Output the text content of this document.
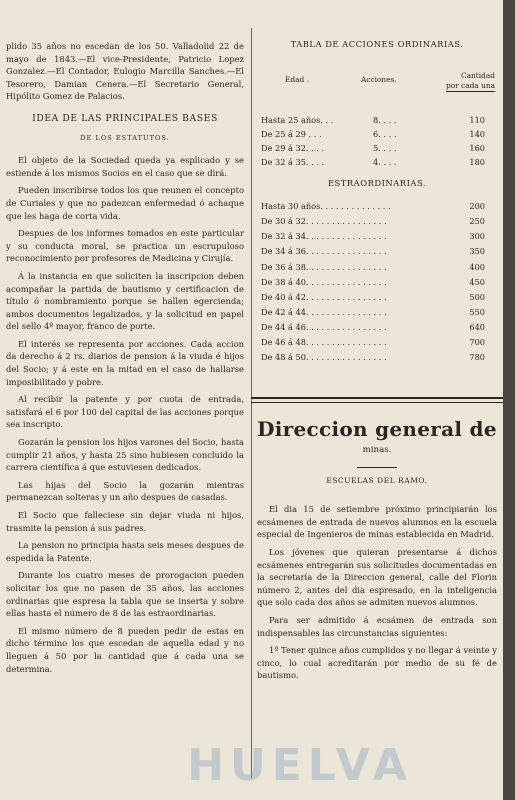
plido 35 años no escedan de los 50. Valladolid 22 de mayo de 1843.—El vice-Presidente, Patricio Lopez Gonzalez.—El Contador, Eulogio Marcilla Sanches.—El Tesorero, Damian Cenera.—El Secretario General, Hipólito Gomez de Palacios.

IDEA DE LAS PRINCIPALES BASES

DE LOS ESTATUTOS.

El objeto de la Sociedad queda ya esplicado y se estiende á los mismos Socios en el caso que se dirá.

Pueden inscribirse todos los que reunen el concepto de Curiales y que no padezcan enfermedad ó achaque que les haga de corta vida.

Despues de los informes tomados en este particular y su conducta moral, se practica un escrupuloso reconocimiento por profesores de Medicina y Cirujía.

Á la instancia en que soliciten la inscripcion deben acompañar la partida de bautismo y certificacion de título ó nombramiento porque se hallen egercienda; ambos documentos legalizados, y la solicitud en papel del sello 4º mayor, franco de porte.

El interés se representa por acciones. Cada accion da derecho á 2 rs. diarios de pension á la viuda é hijos del Socio; y á este en la mitad en el caso de hallarse imposibilitado y pobre.

Al recibir la patente y por cuota de entrada, satisfará el 6 por 100 del capital de las acciones porque sea inscripto.

Gozarán la pension los hijos varones del Socio, hasta cumplir 21 años, y hasta 25 sino hubiesen concluido la carrera científica á que estuviesen dedicados.

Las hijas del Socio la gozarán mientras permanezcan solteras y un año despues de casadas.

El Socio que falleciese sin dejar viuda ni hijos, trasmite la pension á sus padres.

La pension no principia hasta seis meses despues de espedida la Patente.

Durante los cuatro meses de prorogacion pueden solicitar los que no pasen de 35 años, las acciones ordinarias que espresa la tabla que se inserta y sobre ellas hasta el número de 8 de las estraordinarias.

El mismo número de 8 pueden pedir de estas en dicho término los que escedan de aquella edad y no lleguen á 50 por la cantidad que á cada una se determina.

TABLA DE ACCIONES ORDINARIAS.

Edad .	Acciones.	Cantidad
por cada una
Hasta 25 años. . .	8. . . .	110
De 25 á 29 . . .	6. . . .	140
De 29 á 32. . . .	5. . . .	160
De 32 á 35. . . .	4. . . .	180

ESTRAORDINARIAS.

Hasta 30 años. . . . . . . . . . . . . .	200
De 30 á 32. . . . . . . . . . . . . . . .	250
De 32 á 34. . . . . . . . . . . . . . . .	300
De 34 á 36. . . . . . . . . . . . . . . .	350
De 36 á 38. . . . . . . . . . . . . . . .	400
De 38 á 40. . . . . . . . . . . . . . . .	450
De 40 á 42. . . . . . . . . . . . . . . .	500
De 42 á 44. . . . . . . . . . . . . . . .	550
De 44 á 46. . . . . . . . . . . . . . . .	640
De 46 á 48. . . . . . . . . . . . . . . .	700
De 48 á 50. . . . . . . . . . . . . . . .	780
Direccion general de
minas.
ESCUELAS DEL RAMO.

El dia 15 de setiembre próximo principiarán los ecsámenes de entrada de nuevos alumnos en la escuela especial de Ingenieros de minas establecida en Madrid.

Los jóvenes que quieran presentarse á dichos ecsámenes entregarán sus solicitudes documentadas en la secretaría de la Direccion general, calle del Florin número 2, antes del dia espresado, en la inteligencia que solo cada dos años se admiten nuevos alumnos.

Para ser admitido á ecsámen de entrada son indispensables las circunstancias siguientes:

1ª Tener quince años cumplidos y no llegar á veinte y cinco, lo cual acreditarán por medio de su fé de bautismo.

HUELVA
